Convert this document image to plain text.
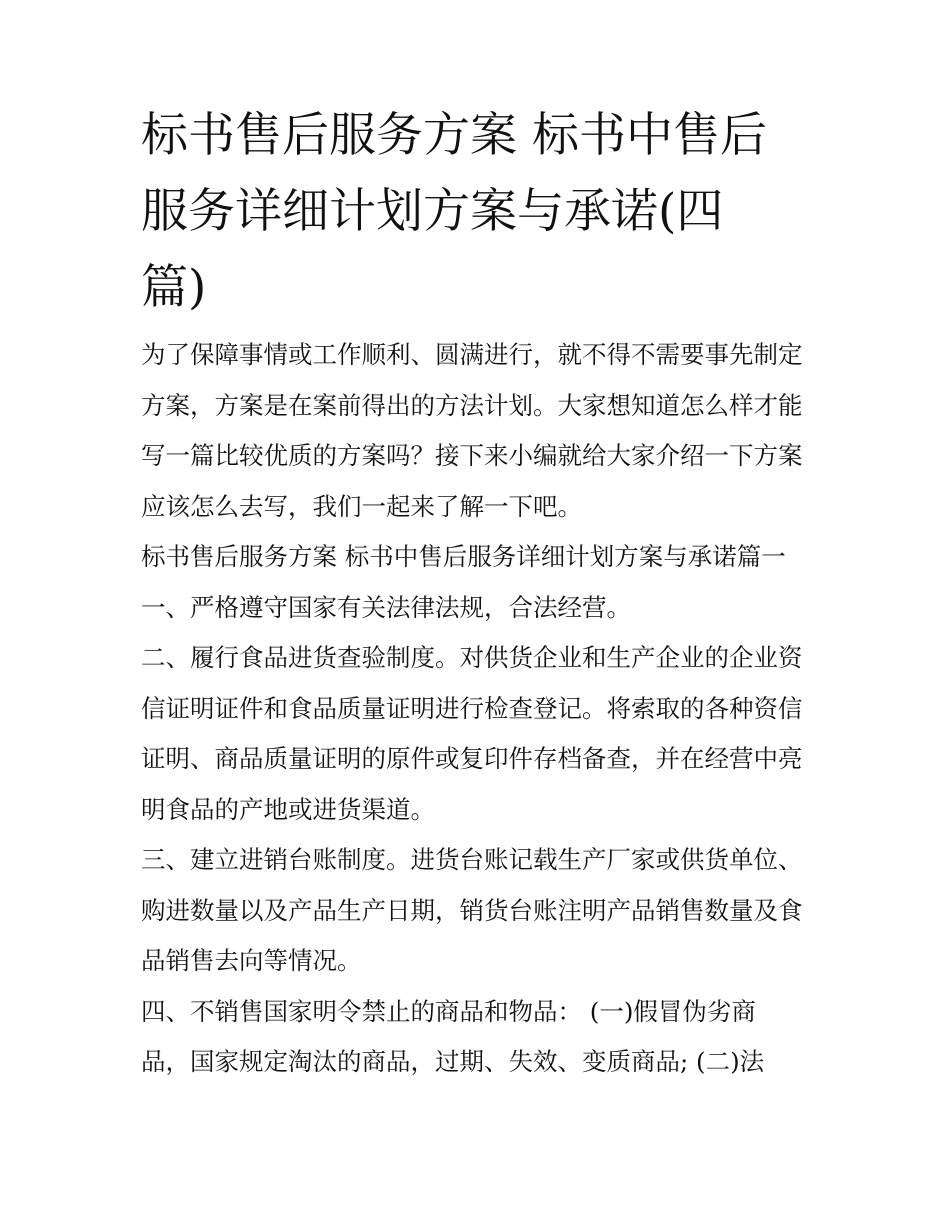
标书售后服务方案 标书中售后
服务详细计划方案与承诺(四
篇)
为了保障事情或工作顺利、圆满进行，就不得不需要事先制定
方案，方案是在案前得出的方法计划。大家想知道怎么样才能
写一篇比较优质的方案吗？接下来小编就给大家介绍一下方案
应该怎么去写，我们一起来了解一下吧。
标书售后服务方案 标书中售后服务详细计划方案与承诺篇一
一、严格遵守国家有关法律法规，合法经营。
二、履行食品进货查验制度。对供货企业和生产企业的企业资
信证明证件和食品质量证明进行检查登记。将索取的各种资信
证明、商品质量证明的原件或复印件存档备查，并在经营中亮
明食品的产地或进货渠道。
三、建立进销台账制度。进货台账记载生产厂家或供货单位、
购进数量以及产品生产日期，销货台账注明产品销售数量及食
品销售去向等情况。
四、不销售国家明令禁止的商品和物品： (一)假冒伪劣商
品，国家规定淘汰的商品，过期、失效、变质商品; (二)法
